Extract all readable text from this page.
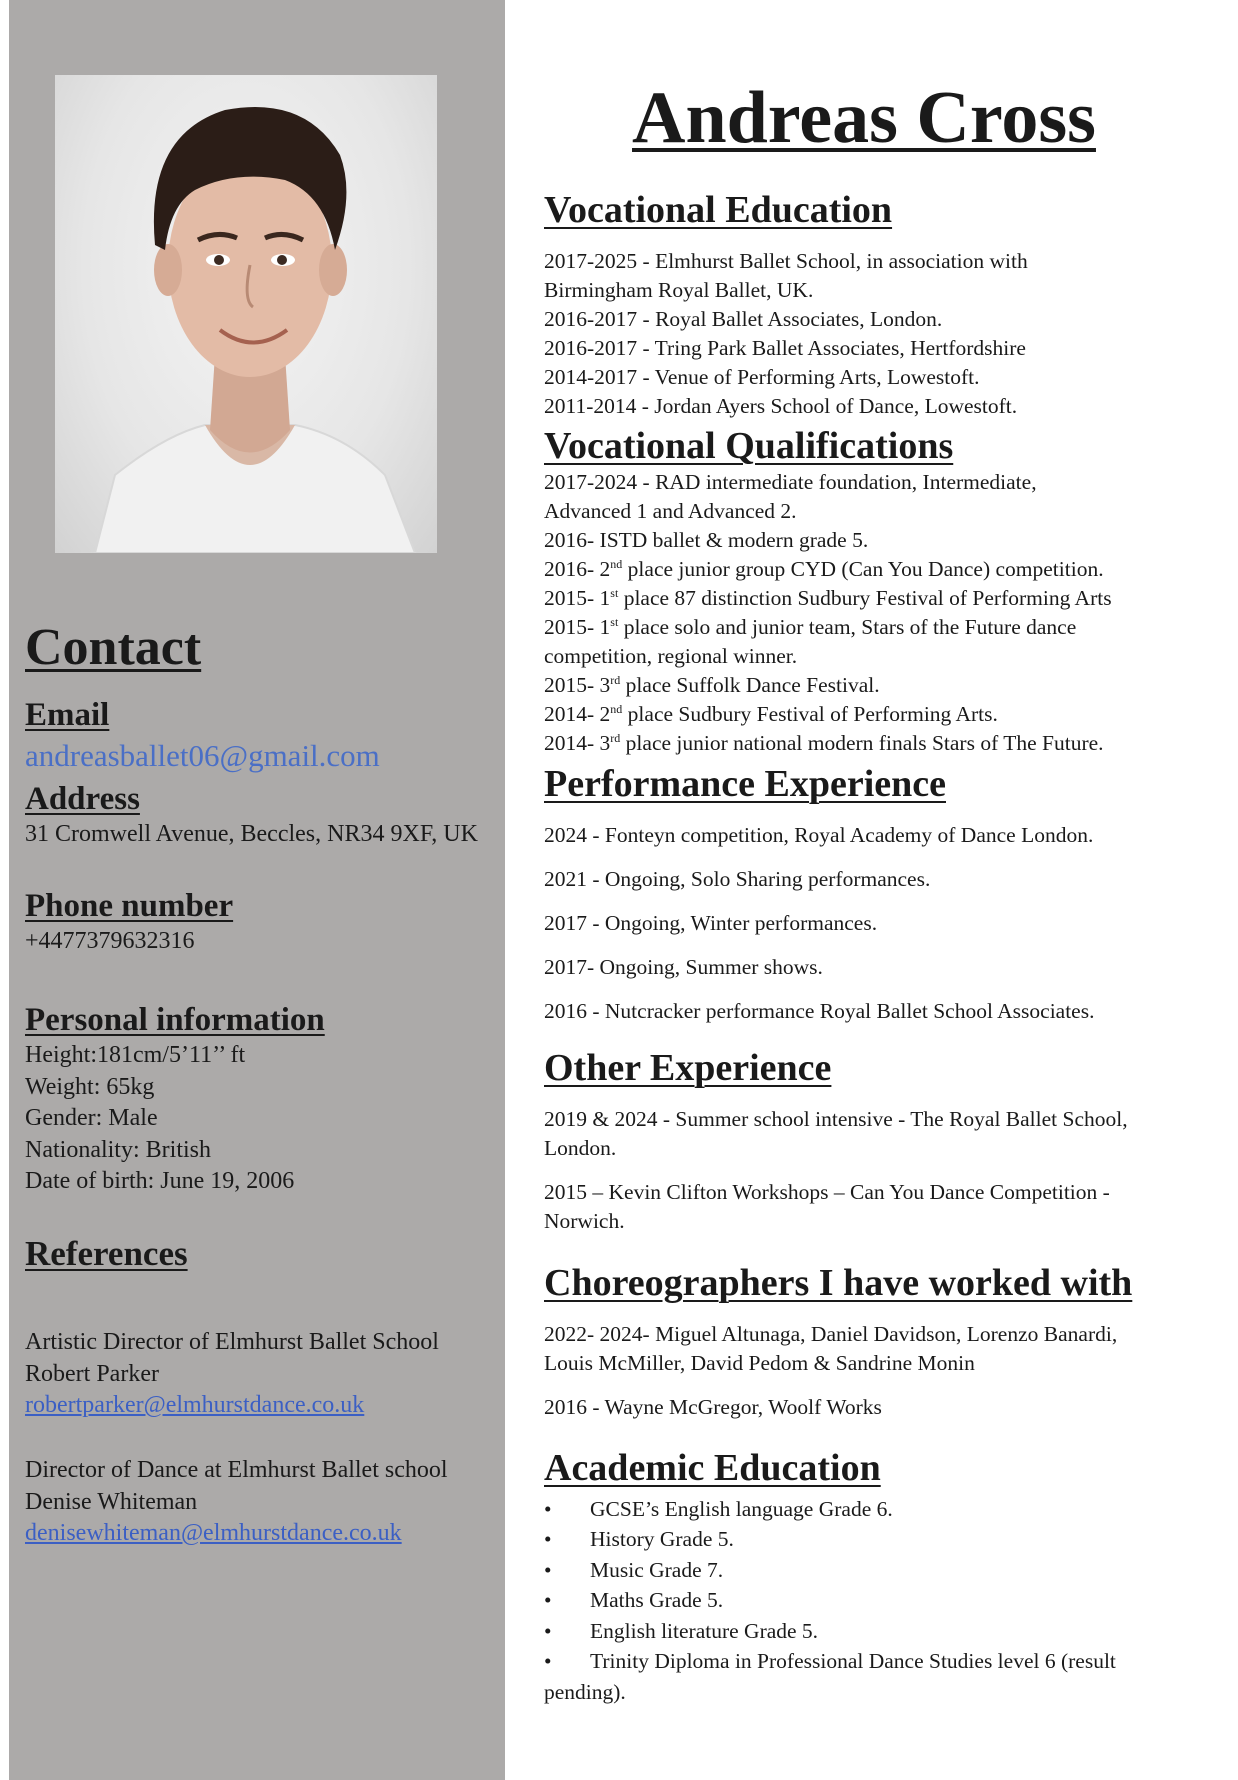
Contact
Email
andreasballet06@gmail.com
Address

31 Cromwell Avenue, Beccles, NR34 9XF, UK

Phone number

+4477379632316

Personal information

Height:181cm/5’11’’ ft

Weight: 65kg

Gender: Male

Nationality: British

Date of birth: June 19, 2006

References

Artistic Director of Elmhurst Ballet School

Robert Parker

robertparker@elmhurstdance.co.uk

Director of Dance at Elmhurst Ballet school

Denise Whiteman

denisewhiteman@elmhurstdance.co.uk
Andreas Cross
Vocational Education

2017-2025 - Elmhurst Ballet School, in association with

Birmingham Royal Ballet, UK.

2016-2017 - Royal Ballet Associates, London.

2016-2017 - Tring Park Ballet Associates, Hertfordshire

2014-2017 - Venue of Performing Arts, Lowestoft.

2011-2014 - Jordan Ayers School of Dance, Lowestoft.

Vocational Qualifications

2017-2024 - RAD intermediate foundation, Intermediate,

Advanced 1 and Advanced 2.

2016- ISTD ballet & modern grade 5.

2016- 2nd place junior group CYD (Can You Dance) competition.

2015- 1st place 87 distinction Sudbury Festival of Performing Arts

2015- 1st place solo and junior team, Stars of the Future dance

competition, regional winner.

2015- 3rd place Suffolk Dance Festival.

2014- 2nd place Sudbury Festival of Performing Arts.

2014- 3rd place junior national modern finals Stars of The Future.

Performance Experience

2024 - Fonteyn competition, Royal Academy of Dance London.

2021 - Ongoing, Solo Sharing performances.

2017 - Ongoing, Winter performances.

2017- Ongoing, Summer shows.

2016 - Nutcracker performance Royal Ballet School Associates.

Other Experience

2019 & 2024 - Summer school intensive - The Royal Ballet School, London.

2015 – Kevin Clifton Workshops – Can You Dance Competition - Norwich.

Choreographers I have worked with

2022- 2024- Miguel Altunaga, Daniel Davidson, Lorenzo Banardi, Louis McMiller, David Pedom & Sandrine Monin

2016 - Wayne McGregor, Woolf Works

Academic Education
• GCSE’s English language Grade 6.
• History Grade 5.
• Music Grade 7.
• Maths Grade 5.
• English literature Grade 5.
• Trinity Diploma in Professional Dance Studies level 6 (result
pending).
